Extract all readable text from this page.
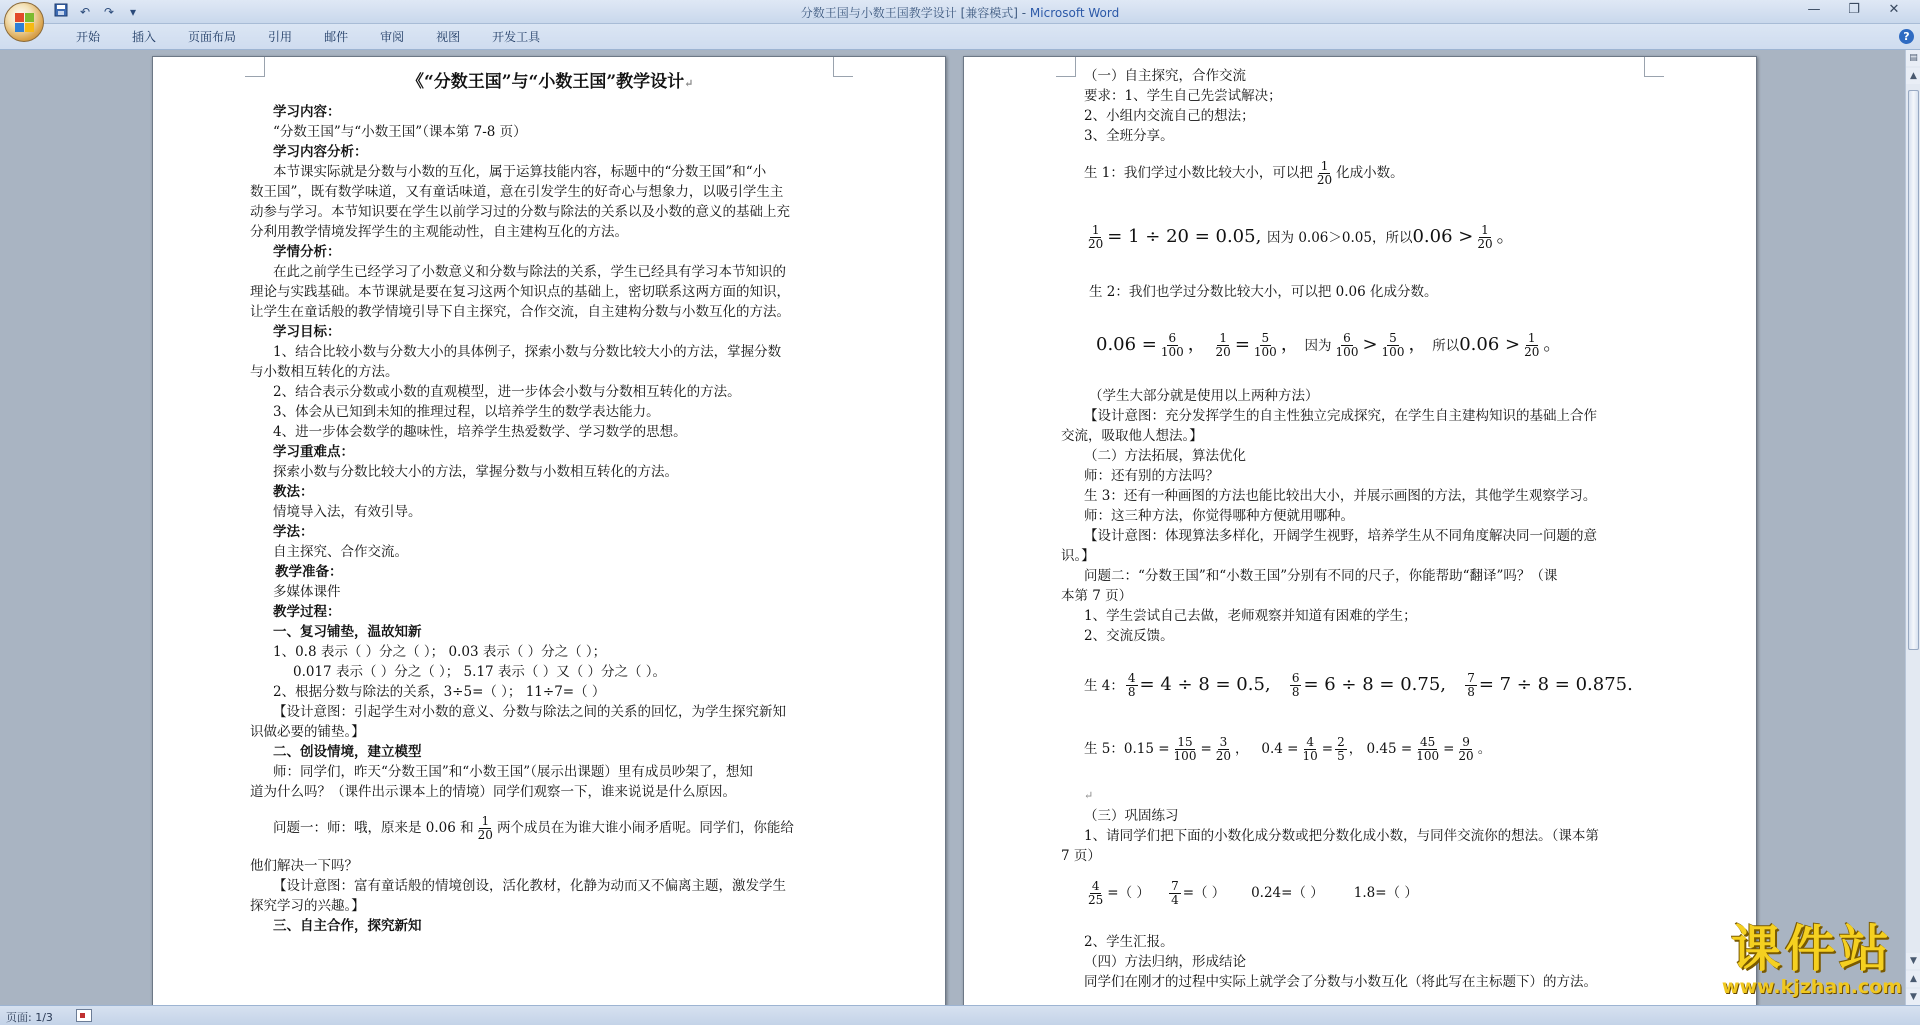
↶	↷	▾	分数王国与小数王国教学设计 [兼容模式] - Microsoft Word	—	❐	✕
开始	插入	页面布局	引用	邮件	审阅	视图	开发工具	?
《“分数王国”与“小数王国”教学设计↵
学习内容：
“分数王国”与“小数王国”（课本第 7-8 页）
学习内容分析：
本节课实际就是分数与小数的互化，属于运算技能内容，标题中的“分数王国”和“小
数王国”，既有数学味道，又有童话味道，意在引发学生的好奇心与想象力，以吸引学生主
动参与学习。本节知识要在学生以前学习过的分数与除法的关系以及小数的意义的基础上充
分利用教学情境发挥学生的主观能动性，自主建构互化的方法。
学情分析：
在此之前学生已经学习了小数意义和分数与除法的关系，学生已经具有学习本节知识的
理论与实践基础。本节课就是要在复习这两个知识点的基础上，密切联系这两方面的知识，
让学生在童话般的教学情境引导下自主探究，合作交流，自主建构分数与小数互化的方法。
学习目标：
1、结合比较小数与分数大小的具体例子，探索小数与分数比较大小的方法，掌握分数
与小数相互转化的方法。
2、结合表示分数或小数的直观模型，进一步体会小数与分数相互转化的方法。
3、体会从已知到未知的推理过程，以培养学生的数学表达能力。
4、进一步体会数学的趣味性，培养学生热爱数学、学习数学的思想。
学习重难点：
探索小数与分数比较大小的方法，掌握分数与小数相互转化的方法。
教法：
情境导入法，有效引导。
学法：
自主探究、合作交流。
教学准备：
多媒体课件
教学过程：
一、复习铺垫，温故知新
1、0.8 表示（ ）分之（ ）； 0.03 表示（ ）分之（ ）；
0.017 表示（ ）分之（ ）； 5.17 表示（ ）又（ ）分之（ ）。
2、根据分数与除法的关系，3÷5=（ ）； 11÷7=（ ）
【设计意图：引起学生对小数的意义、分数与除法之间的关系的回忆，为学生探究新知
识做必要的铺垫。】
二、创设情境，建立模型
师：同学们，昨天“分数王国”和“小数王国”（展示出课题）里有成员吵架了，想知
道为什么吗？（课件出示课本上的情境）同学们观察一下，谁来说说是什么原因。
问题一：师：哦，原来是 0.06 和 $\frac{1}{20}$ 两个成员在为谁大谁小闹矛盾呢。同学们，你能给
他们解决一下吗？
【设计意图：富有童话般的情境创设，活化教材，化静为动而又不偏离主题，激发学生
探究学习的兴趣。】
三、自主合作，探究新知
（一）自主探究，合作交流
要求：1、学生自己先尝试解决；
2、小组内交流自己的想法；
3、全班分享。
生 1：我们学过小数比较大小，可以把 $\frac{1}{20}$ 化成小数。
$\frac{1}{20} = 1 \div 20 = 0.05$, 因为 0.06＞0.05，所以$0.06 > \frac{1}{20}$ 。
生 2：我们也学过分数比较大小，可以把 0.06 化成分数。
$0.06 = \frac{6}{100}$ ， $\frac{1}{20} = \frac{5}{100}$ ， 因为 $\frac{6}{100} > \frac{5}{100}$ ， 所以$0.06 > \frac{1}{20}$ 。
（学生大部分就是使用以上两种方法）
【设计意图：充分发挥学生的自主性独立完成探究，在学生自主建构知识的基础上合作
交流，吸取他人想法。】
（二）方法拓展，算法优化
师：还有别的方法吗？
生 3：还有一种画图的方法也能比较出大小，并展示画图的方法，其他学生观察学习。
师：这三种方法，你觉得哪种方便就用哪种。
【设计意图：体现算法多样化，开阔学生视野，培养学生从不同角度解决同一问题的意
识。】
问题二：“分数王国”和“小数王国”分别有不同的尺子，你能帮助“翻译”吗？（课
本第 7 页）
1、学生尝试自己去做，老师观察并知道有困难的学生；
2、交流反馈。
生 4： $\frac{4}{8} = 4 \div 8 = 0.5$, $\frac{6}{8} = 6 \div 8 = 0.75$, $\frac{7}{8} = 7 \div 8 = 0.875$.
生 5：$0.15 = \frac{15}{100} = \frac{3}{20}$ ，   $0.4 = \frac{4}{10} = \frac{2}{5}$ ， $0.45 = \frac{45}{100} = \frac{9}{20}$ 。
↵
（三）巩固练习
1、请同学们把下面的小数化成分数或把分数化成小数，与同伴交流你的想法。（课本第
7 页）
$\frac{4}{25}$ =（ ） $\frac{7}{4}$ =（ ） 0.24=（ ） 1.8=（ ）
2、学生汇报。
（四）方法归纳，形成结论
同学们在刚才的过程中实际上就学会了分数与小数互化（将此写在主标题下）的方法。
▤
▲
▼
▲
▼
页面: 1/3
课件站
www.kjzhan.com
